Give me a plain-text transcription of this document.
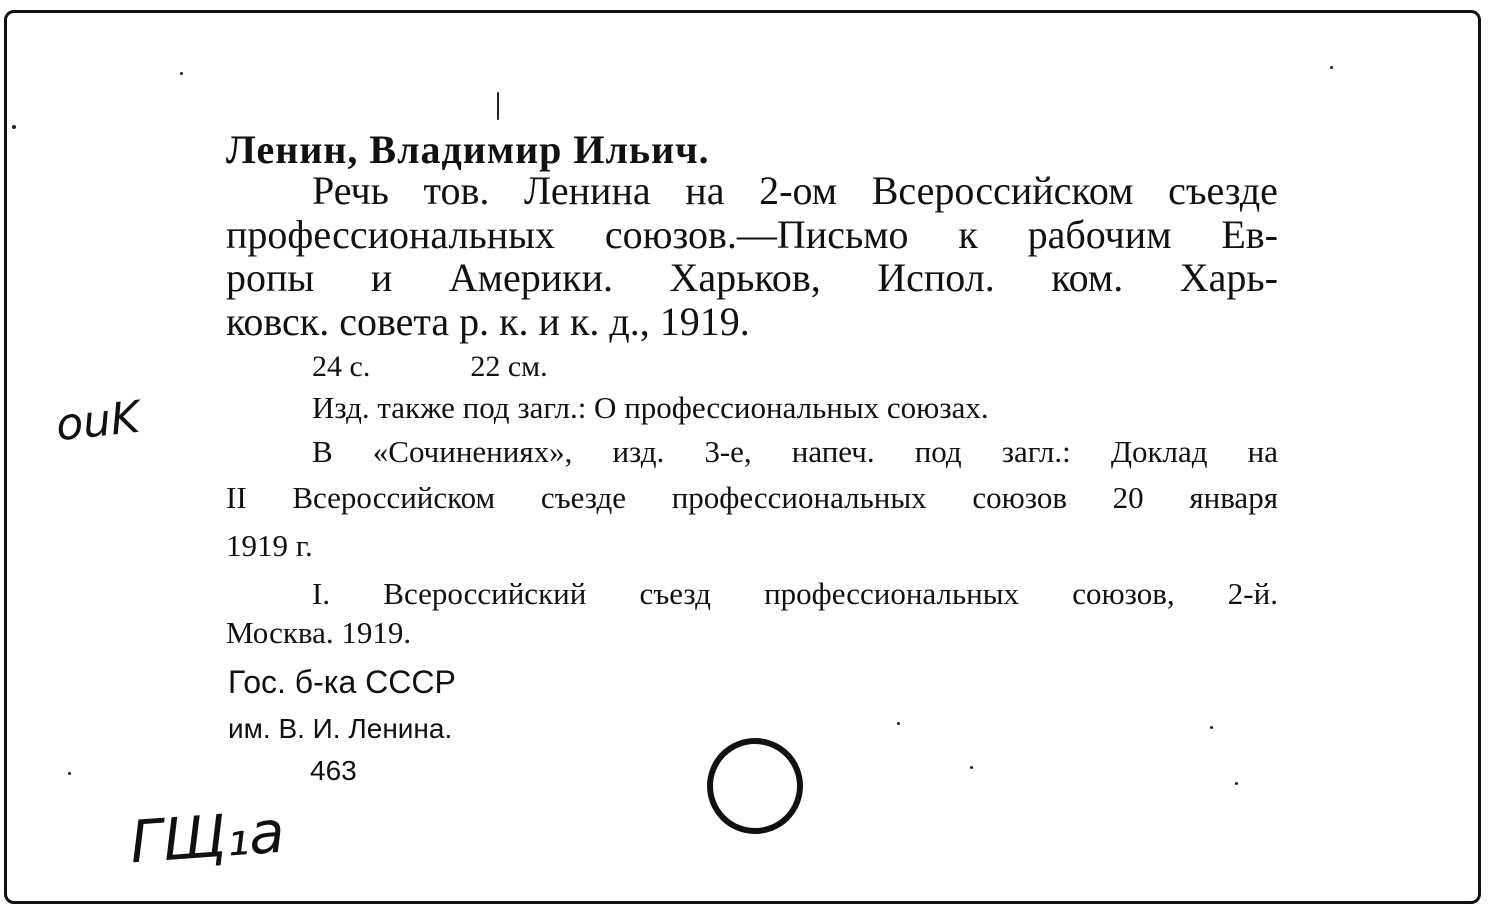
Ленин, Владимир Ильич.
Речь тов. Ленина на 2-ом Всероссийском съезде
профессиональных союзов.—Письмо к рабочим Ев-
ропы и Америки. Харьков, Испол. ком. Харь-
ковск. совета р. к. и к. д., 1919.
24 с.	22 см.
Изд. также под загл.: О профессиональных союзах.
В «Сочинениях», изд. 3-е, напеч. под загл.: Доклад на
II Всероссийском съезде профессиональных союзов 20 января
1919 г.
I. Всероссийский съезд профессиональных союзов, 2-й.
Москва. 1919.
Гос. б-ка СССР
им. В. И. Ленина.
463
оuK
ГЩ₁а
